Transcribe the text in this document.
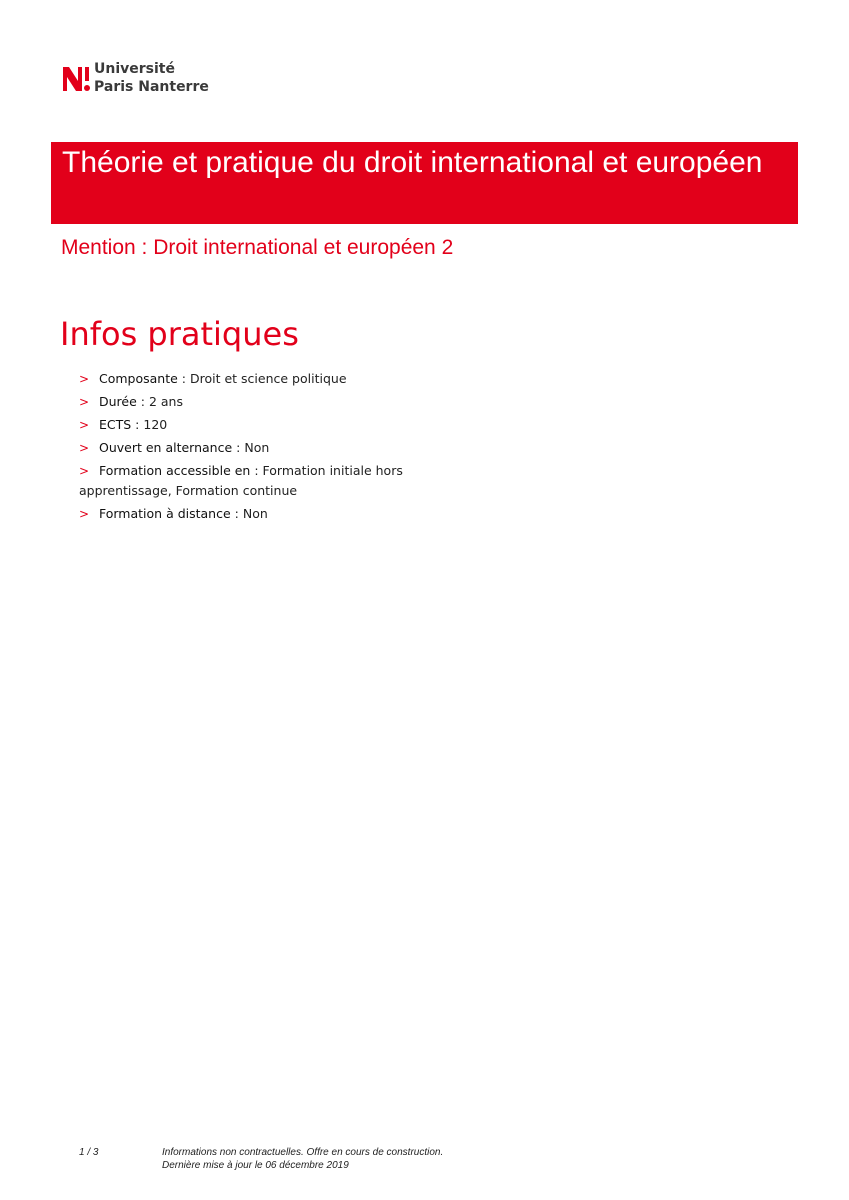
Université
Paris Nanterre
Théorie et pratique du droit international et européen
Mention : Droit international et européen 2
Infos pratiques
> Composante : Droit et science politique
> Durée : 2 ans
> ECTS : 120
> Ouvert en alternance : Non
> Formation accessible en : Formation initiale hors apprentissage, Formation continue
> Formation à distance : Non
1 / 3	Informations non contractuelles. Offre en cours de construction.
Dernière mise à jour le 06 décembre 2019
